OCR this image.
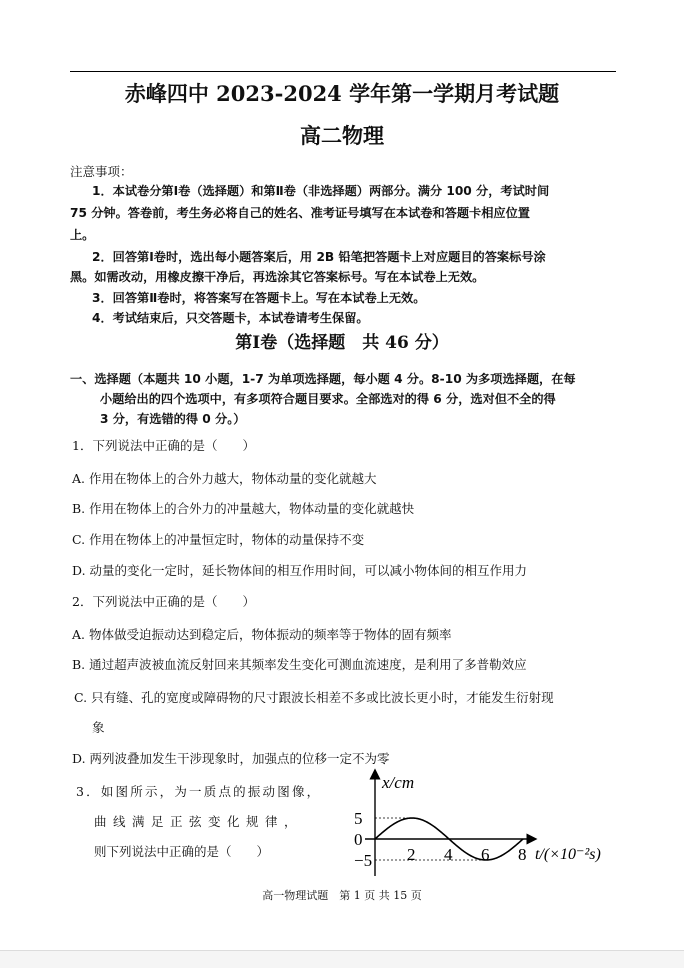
赤峰四中 2023-2024 学年第一学期月考试题
高二物理
注意事项：
1．本试卷分第Ⅰ卷（选择题）和第Ⅱ卷（非选择题）两部分。满分 100 分，考试时间
75 分钟。答卷前，考生务必将自己的姓名、准考证号填写在本试卷和答题卡相应位置
上。
2．回答第Ⅰ卷时，选出每小题答案后，用 2B 铅笔把答题卡上对应题目的答案标号涂
黑。如需改动，用橡皮擦干净后，再选涂其它答案标号。写在本试卷上无效。
3．回答第Ⅱ卷时，将答案写在答题卡上。写在本试卷上无效。
4．考试结束后，只交答题卡，本试卷请考生保留。
第Ⅰ卷（选择题　共 46 分）
一、选择题（本题共 10 小题，1-7 为单项选择题，每小题 4 分。8-10 为多项选择题，在每
小题给出的四个选项中，有多项符合题目要求。全部选对的得 6 分，选对但不全的得
3 分，有选错的得 0 分。）
1．下列说法中正确的是（　　）
A. 作用在物体上的合外力越大，物体动量的变化就越大
B. 作用在物体上的合外力的冲量越大，物体动量的变化就越快
C. 作用在物体上的冲量恒定时，物体的动量保持不变
D. 动量的变化一定时，延长物体间的相互作用时间，可以减小物体间的相互作用力
2．下列说法中正确的是（　　）
A. 物体做受迫振动达到稳定后，物体振动的频率等于物体的固有频率
B. 通过超声波被血流反射回来其频率发生变化可测血流速度，是利用了多普勒效应
C. 只有缝、孔的宽度或障碍物的尺寸跟波长相差不多或比波长更小时，才能发生衍射现
象
D. 两列波叠加发生干涉现象时，加强点的位移一定不为零
3．如图所示，为一质点的振动图像，
曲线满足正弦变化规律，
则下列说法中正确的是（　　）
5
0
−5 2 4 6 8
x/cm
t/(×10⁻²s)
高一物理试题　第 1 页 共 15 页
